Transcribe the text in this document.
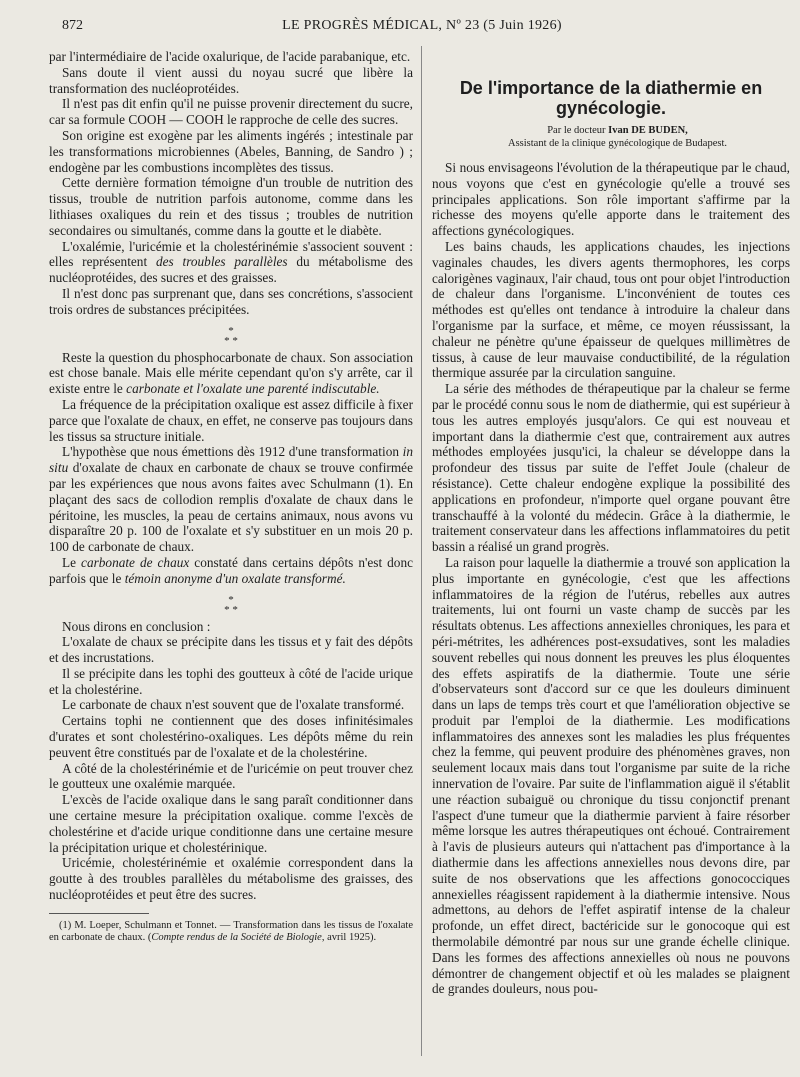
872	LE PROGRÈS MÉDICAL, Nº 23 (5 Juin 1926)

par l'intermédiaire de l'acide oxalurique, de l'acide parabanique, etc.

Sans doute il vient aussi du noyau sucré que libère la transformation des nucléoprotéides.

Il n'est pas dit enfin qu'il ne puisse provenir directement du sucre, car sa formule COOH — COOH le rapproche de celle des sucres.

Son origine est exogène par les aliments ingérés ; intestinale par les transformations microbiennes (Abeles, Banning, de Sandro ) ; endogène par les combustions incomplètes des tissus.

Cette dernière formation témoigne d'un trouble de nutrition des tissus, trouble de nutrition parfois autonome, comme dans les lithiases oxaliques du rein et des tissus ; troubles de nutrition secondaires ou simultanés, comme dans la goutte et le diabète.

L'oxalémie, l'uricémie et la cholestérinémie s'associent souvent : elles représentent des troubles parallèles du métabolisme des nucléoprotéides, des sucres et des graisses.

Il n'est donc pas surprenant que, dans ses concrétions, s'associent trois ordres de substances précipitées.

*
* *

Reste la question du phosphocarbonate de chaux. Son association est chose banale. Mais elle mérite cependant qu'on s'y arrête, car il existe entre le carbonate et l'oxalate une parenté indiscutable.

La fréquence de la précipitation oxalique est assez difficile à fixer parce que l'oxalate de chaux, en effet, ne conserve pas toujours dans les tissus sa structure initiale.

L'hypothèse que nous émettions dès 1912 d'une transformation in situ d'oxalate de chaux en carbonate de chaux se trouve confirmée par les expériences que nous avons faites avec Schulmann (1). En plaçant des sacs de collodion remplis d'oxalate de chaux dans le péritoine, les muscles, la peau de certains animaux, nous avons vu disparaître 20 p. 100 de l'oxalate et s'y substituer en un mois 20 p. 100 de carbonate de chaux.

Le carbonate de chaux constaté dans certains dépôts n'est donc parfois que le témoin anonyme d'un oxalate transformé.

*
* *

Nous dirons en conclusion :

L'oxalate de chaux se précipite dans les tissus et y fait des dépôts et des incrustations.

Il se précipite dans les tophi des goutteux à côté de l'acide urique et la cholestérine.

Le carbonate de chaux n'est souvent que de l'oxalate transformé.

Certains tophi ne contiennent que des doses infinitésimales d'urates et sont cholestérino-oxaliques. Les dépôts même du rein peuvent être constitués par de l'oxalate et de la cholestérine.

A côté de la cholestérinémie et de l'uricémie on peut trouver chez le goutteux une oxalémie marquée.

L'excès de l'acide oxalique dans le sang paraît conditionner dans une certaine mesure la précipitation oxalique. comme l'excès de cholestérine et d'acide urique conditionne dans une certaine mesure la précipitation urique et cholestérinique.

Uricémie, cholestérinémie et oxalémie correspondent dans la goutte à des troubles parallèles du métabolisme des graisses, des nucléoprotéides et peut être des sucres.

(1) M. Loeper, Schulmann et Tonnet. — Transformation dans les tissus de l'oxalate en carbonate de chaux. (Compte rendus de la Société de Biologie, avril 1925).

De l'importance de la diathermie en gynécologie.

Par le docteur Ivan DE BUDEN,

Assistant de la clinique gynécologique de Budapest.

Si nous envisageons l'évolution de la thérapeutique par le chaud, nous voyons que c'est en gynécologie qu'elle a trouvé ses principales applications. Son rôle important s'affirme par la richesse des moyens qu'elle apporte dans le traitement des affections gynécologiques.

Les bains chauds, les applications chaudes, les injections vaginales chaudes, les divers agents thermophores, les corps calorigènes vaginaux, l'air chaud, tous ont pour objet l'introduction de chaleur dans l'organisme. L'inconvénient de toutes ces méthodes est qu'elles ont tendance à introduire la chaleur dans l'organisme par la surface, et même, ce moyen réussissant, la chaleur ne pénètre qu'une épaisseur de quelques millimètres de tissus, à cause de leur mauvaise conductibilité, de la régulation thermique assurée par la circulation sanguine.

La série des méthodes de thérapeutique par la chaleur se ferme par le procédé connu sous le nom de diathermie, qui est supérieur à tous les autres employés jusqu'alors. Ce qui est nouveau et important dans la diathermie c'est que, contrairement aux autres méthodes employées jusqu'ici, la chaleur se développe dans la profondeur des tissus par suite de l'effet Joule (chaleur de résistance). Cette chaleur endogène explique la possibilité des applications en profondeur, n'importe quel organe pouvant être transchauffé à la volonté du médecin. Grâce à la diathermie, le traitement conservateur dans les affections inflammatoires du petit bassin a réalisé un grand progrès.

La raison pour laquelle la diathermie a trouvé son application la plus importante en gynécologie, c'est que les affections inflammatoires de la région de l'utérus, rebelles aux autres traitements, lui ont fourni un vaste champ de succès par les résultats obtenus. Les affections annexielles chroniques, les para et péri-métrites, les adhérences post-exsudatives, sont les maladies souvent rebelles qui nous donnent les preuves les plus éloquentes des effets aspiratifs de la diathermie. Toute une série d'observateurs sont d'accord sur ce que les douleurs diminuent dans un laps de temps très court et que l'amélioration objective se produit par l'emploi de la diathermie. Les modifications inflammatoires des annexes sont les maladies les plus fréquentes chez la femme, qui peuvent produire des phénomènes graves, non seulement locaux mais dans tout l'organisme par suite de la riche innervation de l'ovaire. Par suite de l'inflammation aiguë il s'établit une réaction subaiguë ou chronique du tissu conjonctif prenant l'aspect d'une tumeur que la diathermie parvient à faire résorber même lorsque les autres thérapeutiques ont échoué. Contrairement à l'avis de plusieurs auteurs qui n'attachent pas d'importance à la diathermie dans les affections annexielles nous devons dire, par suite de nos observations que les affections gonococciques annexielles réagissent rapidement à la diathermie intensive. Nous admettons, au dehors de l'effet aspiratif intense de la chaleur profonde, un effet direct, bactéricide sur le gonocoque qui est thermolabile démontré par nous sur une grande échelle clinique. Dans les formes des affections annexielles où nous ne pouvons démontrer de changement objectif et où les malades se plaignent de grandes douleurs, nous pou-
